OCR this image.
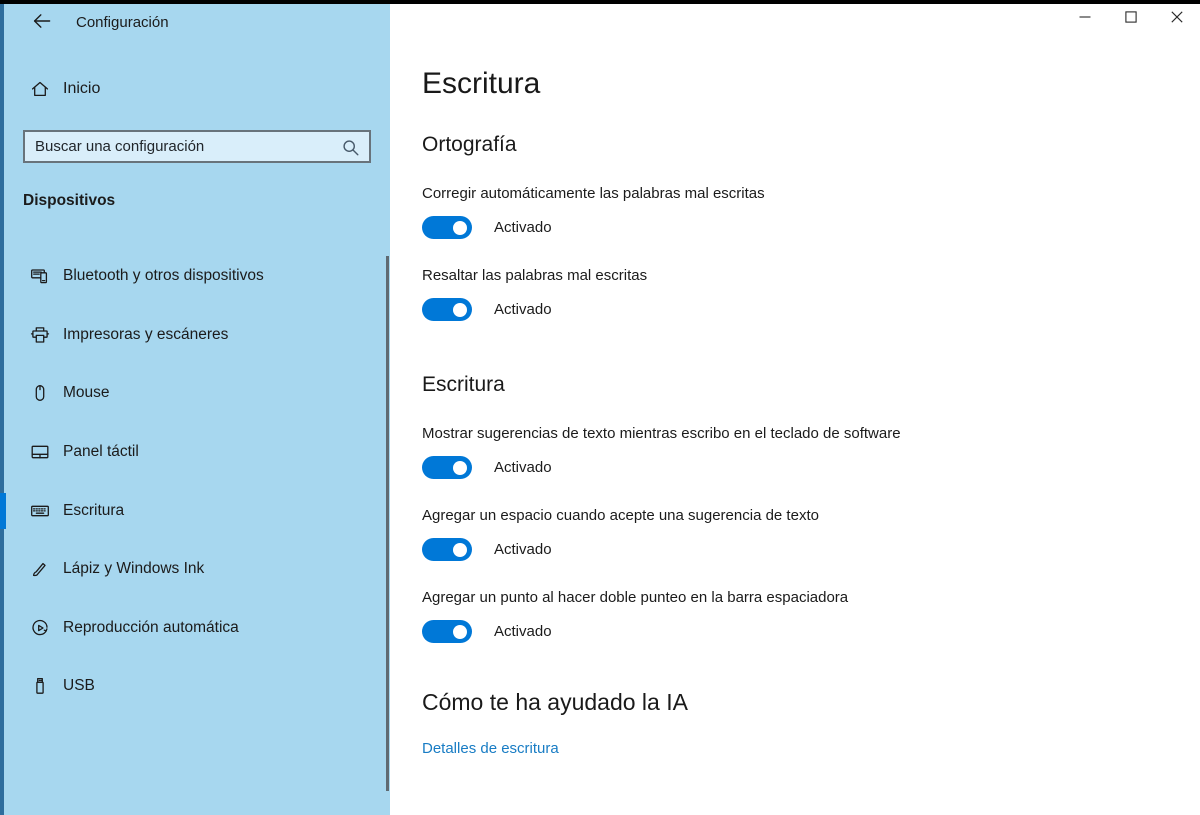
Configuración
Inicio
Buscar una configuración
Dispositivos
Bluetooth y otros dispositivos
Impresoras y escáneres
Mouse
Panel táctil
Escritura
Lápiz y Windows Ink
Reproducción automática
USB
Escritura
Ortografía
Corregir automáticamente las palabras mal escritas
Activado
Resaltar las palabras mal escritas
Activado
Escritura
Mostrar sugerencias de texto mientras escribo en el teclado de software
Activado
Agregar un espacio cuando acepte una sugerencia de texto
Activado
Agregar un punto al hacer doble punteo en la barra espaciadora
Activado
Cómo te ha ayudado la IA
Detalles de escritura
